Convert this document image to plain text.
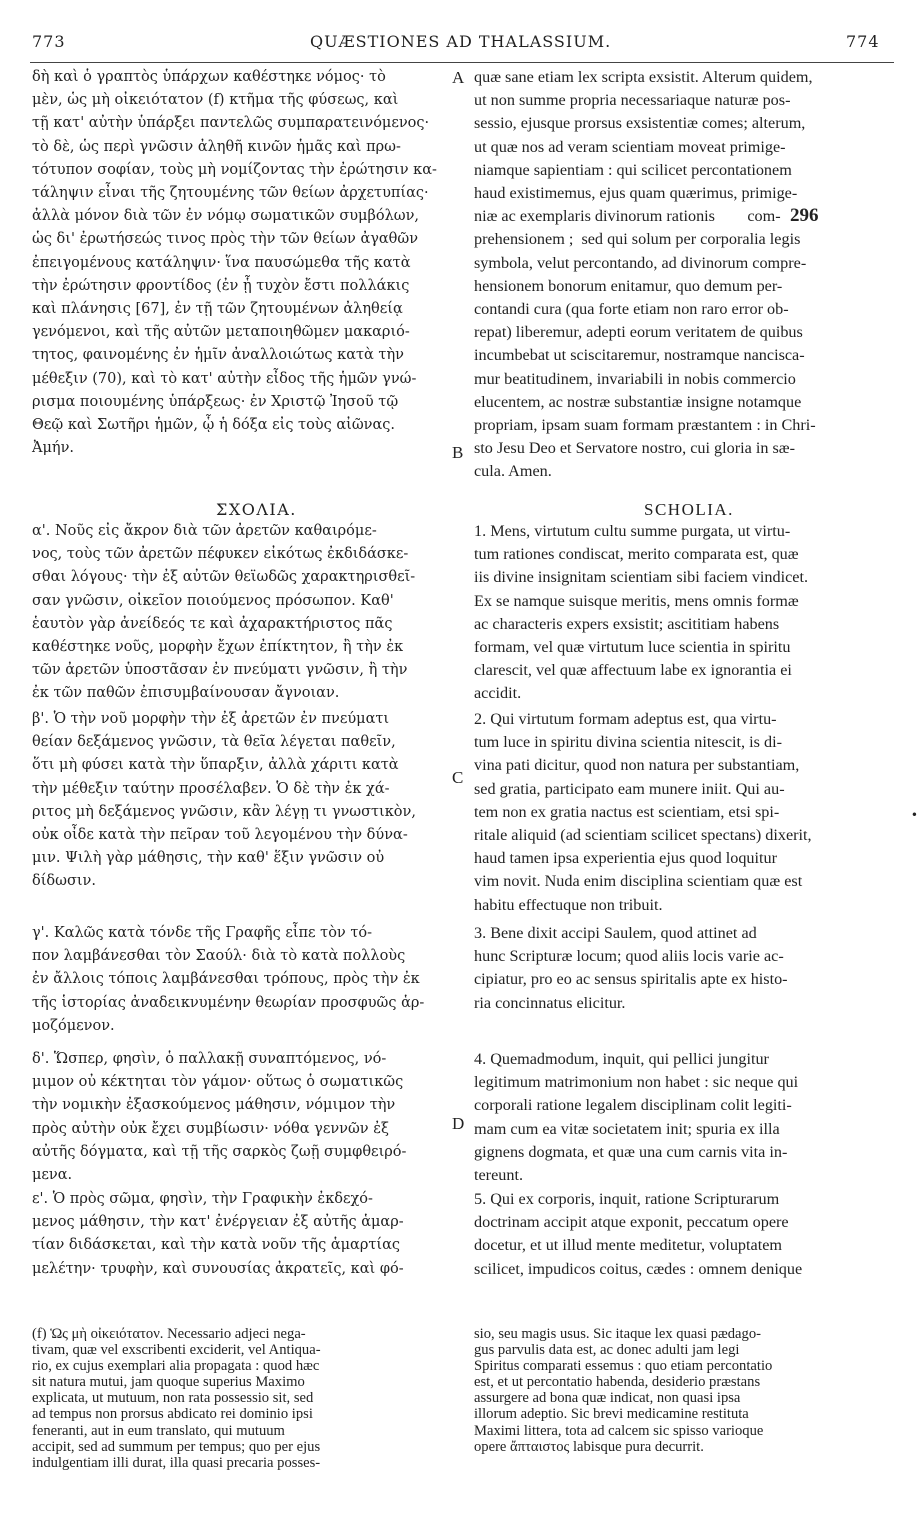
773	QUÆSTIONES AD THALASSIUM.	774
δὴ καὶ ὁ γραπτὸς ὑπάρχων καθέστηκε νόμος· τὸ
μὲν, ὡς μὴ οἰκειότατον (f) κτῆμα τῆς φύσεως, καὶ
τῇ κατ' αὐτὴν ὑπάρξει παντελῶς συμπαρατεινόμενος·
τὸ δὲ, ὡς περὶ γνῶσιν ἀληθῆ κινῶν ἡμᾶς καὶ πρω-
τότυπον σοφίαν, τοὺς μὴ νομίζοντας τὴν ἐρώτησιν κα-
τάληψιν εἶναι τῆς ζητουμένης τῶν θείων ἀρχετυπίας·
ἀλλὰ μόνον διὰ τῶν ἐν νόμῳ σωματικῶν συμβόλων,
ὡς δι' ἐρωτήσεώς τινος πρὸς τὴν τῶν θείων ἀγαθῶν
ἐπειγομένους κατάληψιν· ἵνα παυσώμεθα τῆς κατὰ
τὴν ἐρώτησιν φροντίδος (ἐν ᾗ τυχὸν ἔστι πολλάκις
καὶ πλάνησις [67], ἐν τῇ τῶν ζητουμένων ἀληθείᾳ
γενόμενοι, καὶ τῆς αὐτῶν μεταποιηθῶμεν μακαριό-
τητος, φαινομένης ἐν ἡμῖν ἀναλλοιώτως κατὰ τὴν
μέθεξιν (70), καὶ τὸ κατ' αὐτὴν εἶδος τῆς ἡμῶν γνώ-
ρισμα ποιουμένης ὑπάρξεως· ἐν Χριστῷ Ἰησοῦ τῷ
Θεῷ καὶ Σωτῆρι ἡμῶν, ᾧ ἡ δόξα εἰς τοὺς αἰῶνας.
Ἀμήν.
ΣΧΟΛΙΑ.
α'. Νοῦς εἰς ἄκρον διὰ τῶν ἀρετῶν καθαιρόμε-
νος, τοὺς τῶν ἀρετῶν πέφυκεν εἰκότως ἐκδιδάσκε-
σθαι λόγους· τὴν ἐξ αὐτῶν θεϊωδῶς χαρακτηρισθεῖ-
σαν γνῶσιν, οἰκεῖον ποιούμενος πρόσωπον. Καθ'
ἑαυτὸν γὰρ ἀνείδεός τε καὶ ἀχαρακτήριστος πᾶς
καθέστηκε νοῦς, μορφὴν ἔχων ἐπίκτητον, ἢ τὴν ἐκ
τῶν ἀρετῶν ὑποστᾶσαν ἐν πνεύματι γνῶσιν, ἢ τὴν
ἐκ τῶν παθῶν ἐπισυμβαίνουσαν ἄγνοιαν.
β'. Ὁ τὴν νοῦ μορφὴν τὴν ἐξ ἀρετῶν ἐν πνεύματι
θείαν δεξάμενος γνῶσιν, τὰ θεῖα λέγεται παθεῖν,
ὅτι μὴ φύσει κατὰ τὴν ὕπαρξιν, ἀλλὰ χάριτι κατὰ
τὴν μέθεξιν ταύτην προσέλαβεν. Ὁ δὲ τὴν ἐκ χά-
ριτος μὴ δεξάμενος γνῶσιν, κἂν λέγῃ τι γνωστικὸν,
οὐκ οἶδε κατὰ τὴν πεῖραν τοῦ λεγομένου τὴν δύνα-
μιν. Ψιλὴ γὰρ μάθησις, τὴν καθ' ἕξιν γνῶσιν οὐ
δίδωσιν.
γ'. Καλῶς κατὰ τόνδε τῆς Γραφῆς εἶπε τὸν τό-
πον λαμβάνεσθαι τὸν Σαούλ· διὰ τὸ κατὰ πολλοὺς
ἐν ἄλλοις τόποις λαμβάνεσθαι τρόπους, πρὸς τὴν ἐκ
τῆς ἱστορίας ἀναδεικνυμένην θεωρίαν προσφυῶς ἁρ-
μοζόμενον.
δ'. Ὥσπερ, φησὶν, ὁ παλλακῇ συναπτόμενος, νό-
μιμον οὐ κέκτηται τὸν γάμον· οὕτως ὁ σωματικῶς
τὴν νομικὴν ἐξασκούμενος μάθησιν, νόμιμον τὴν
πρὸς αὐτὴν οὐκ ἔχει συμβίωσιν· νόθα γεννῶν ἐξ
αὐτῆς δόγματα, καὶ τῇ τῆς σαρκὸς ζωῇ συμφθειρό-
μενα.
ε'. Ὁ πρὸς σῶμα, φησὶν, τὴν Γραφικὴν ἐκδεχό-
μενος μάθησιν, τὴν κατ' ἐνέργειαν ἐξ αὐτῆς ἁμαρ-
τίαν διδάσκεται, καὶ τὴν κατὰ νοῦν τῆς ἁμαρτίας
μελέτην· τρυφὴν, καὶ συνουσίας ἀκρατεῖς, καὶ φό-
A
B
C
D
quæ sane etiam lex scripta exsistit. Alterum quidem,
ut non summe propria necessariaque naturæ pos-
sessio, ejusque prorsus exsistentiæ comes; alterum,
ut quæ nos ad veram scientiam moveat primige-
niamque sapientiam : qui scilicet percontationem
haud existimemus, ejus quam quærimus, primige-
niæ ac exemplaris divinorum rationis        com-
prehensionem ;  sed qui solum per corporalia legis
symbola, velut percontando, ad divinorum compre-
hensionem bonorum enitamur, quo demum per-
contandi cura (qua forte etiam non raro error ob-
repat) liberemur, adepti eorum veritatem de quibus
incumbebat ut sciscitaremur, nostramque nancisca-
mur beatitudinem, invariabili in nobis commercio
elucentem, ac nostræ substantiæ insigne notamque
propriam, ipsam suam formam præstantem : in Chri-
sto Jesu Deo et Servatore nostro, cui gloria in sæ-
cula. Amen.
296
SCHOLIA.
1. Mens, virtutum cultu summe purgata, ut virtu-
tum rationes condiscat, merito comparata est, quæ
iis divine insignitam scientiam sibi faciem vindicet.
Ex se namque suisque meritis, mens omnis formæ
ac characteris expers exsistit; ascititiam habens
formam, vel quæ virtutum luce scientia in spiritu
clarescit, vel quæ affectuum labe ex ignorantia ei
accidit.
2. Qui virtutum formam adeptus est, qua virtu-
tum luce in spiritu divina scientia nitescit, is di-
vina pati dicitur, quod non natura per substantiam,
sed gratia, participato eam munere iniit. Qui au-
tem non ex gratia nactus est scientiam, etsi spi-
ritale aliquid (ad scientiam scilicet spectans) dixerit,
haud tamen ipsa experientia ejus quod loquitur
vim novit. Nuda enim disciplina scientiam quæ est
habitu effectuque non tribuit.
3. Bene dixit accipi Saulem, quod attinet ad
hunc Scripturæ locum; quod aliis locis varie ac-
cipiatur, pro eo ac sensus spiritalis apte ex histo-
ria concinnatus elicitur.
4. Quemadmodum, inquit, qui pellici jungitur
legitimum matrimonium non habet : sic neque qui
corporali ratione legalem disciplinam colit legiti-
mam cum ea vitæ societatem init; spuria ex illa
gignens dogmata, et quæ una cum carnis vita in-
tereunt.
5. Qui ex corporis, inquit, ratione Scripturarum
doctrinam accipit atque exponit, peccatum opere
docetur, et ut illud mente meditetur, voluptatem
scilicet, impudicos coitus, cædes : omnem denique
(f) Ὡς μὴ οἰκειότατον. Necessario adjeci nega-
tivam, quæ vel exscribenti exciderit, vel Antiqua-
rio, ex cujus exemplari alia propagata : quod hæc
sit natura mutui, jam quoque superius Maximo
explicata, ut mutuum, non rata possessio sit, sed
ad tempus non prorsus abdicato rei dominio ipsi
feneranti, aut in eum translato, qui mutuum
accipit, sed ad summum per tempus; quo per ejus
indulgentiam illi durat, illa quasi precaria posses-
sio, seu magis usus. Sic itaque lex quasi pædago-
gus parvulis data est, ac donec adulti jam legi
Spiritus comparati essemus : quo etiam percontatio
est, et ut percontatio habenda, desiderio præstans
assurgere ad bona quæ indicat, non quasi ipsa
illorum adeptio. Sic brevi medicamine restituta
Maximi littera, tota ad calcem sic spisso varioque
opere ἄπταιστος labisque pura decurrit.
•
